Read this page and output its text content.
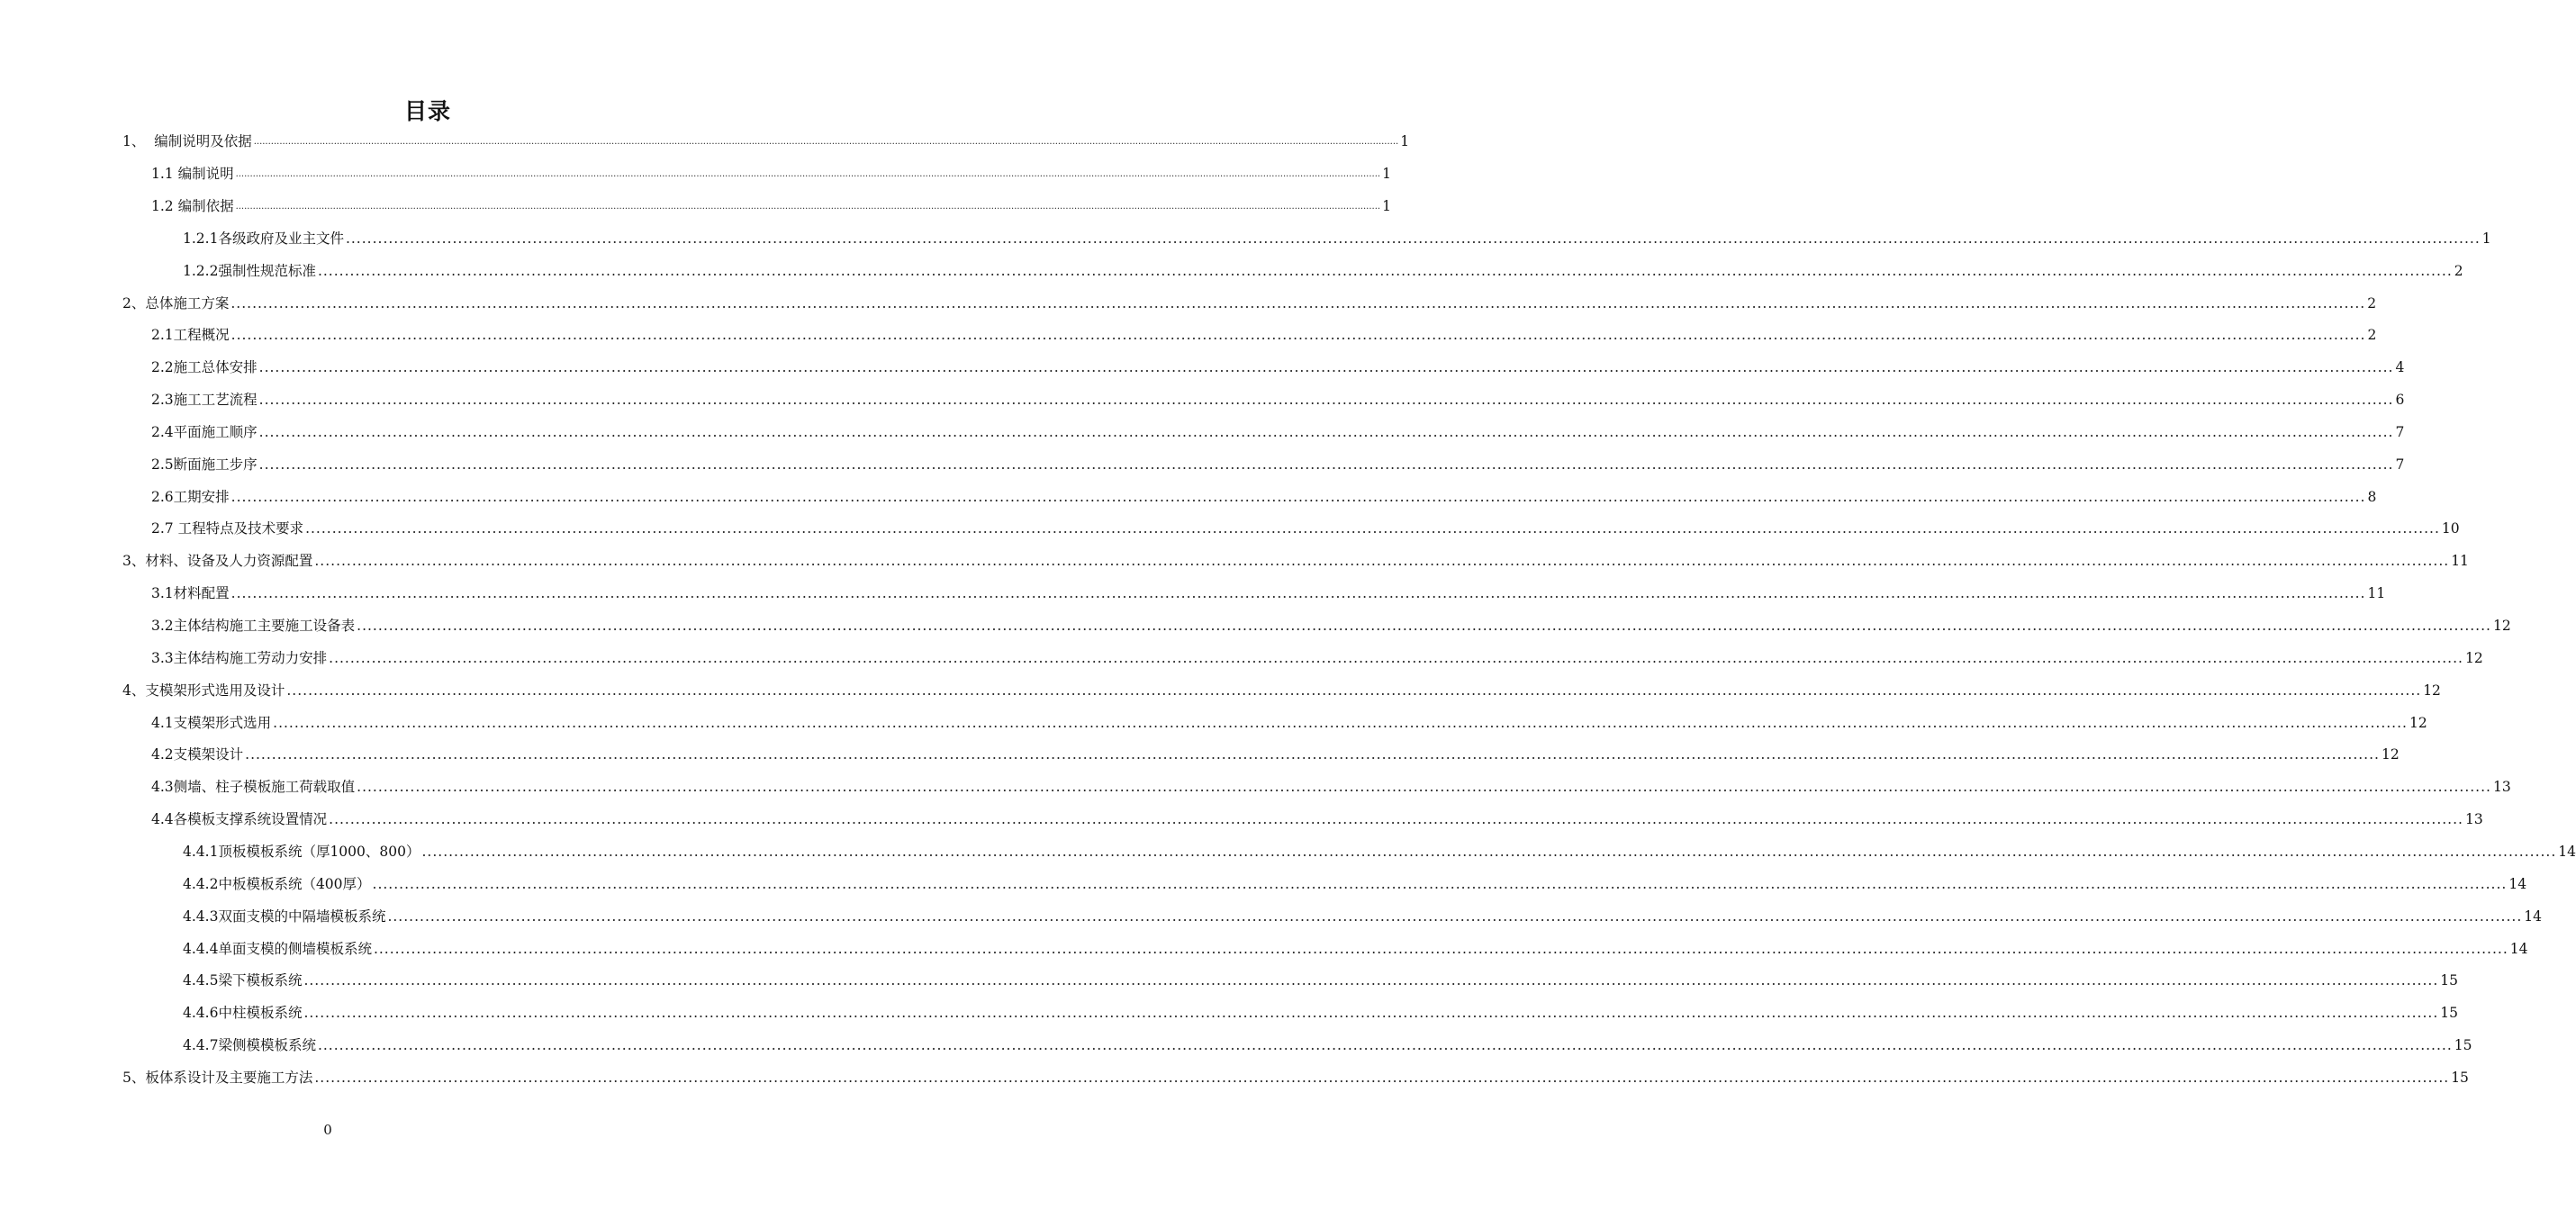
目录
1、  编制说明及依据 ................................................................................................................................................................................................................................................................................................................................................................................................................ 1
1.1 编制说明 ................................................................................................................................................................................................................................................................................................................................................................................................................ 1
1.2 编制依据 ................................................................................................................................................................................................................................................................................................................................................................................................................ 1
1.2.1各级政府及业主文件 ................................................................................................................................................................................................................................................................................................................................................................................................................ 1
1.2.2强制性规范标准 ................................................................................................................................................................................................................................................................................................................................................................................................................ 2
2、总体施工方案 ................................................................................................................................................................................................................................................................................................................................................................................................................ 2
2.1工程概况 ................................................................................................................................................................................................................................................................................................................................................................................................................ 2
2.2施工总体安排 ................................................................................................................................................................................................................................................................................................................................................................................................................ 4
2.3施工工艺流程 ................................................................................................................................................................................................................................................................................................................................................................................................................ 6
2.4平面施工顺序 ................................................................................................................................................................................................................................................................................................................................................................................................................ 7
2.5断面施工步序 ................................................................................................................................................................................................................................................................................................................................................................................................................ 7
2.6工期安排 ................................................................................................................................................................................................................................................................................................................................................................................................................ 8
2.7 工程特点及技术要求 ................................................................................................................................................................................................................................................................................................................................................................................................................ 10
3、材料、设备及人力资源配置 ................................................................................................................................................................................................................................................................................................................................................................................................................ 11
3.1材料配置 ................................................................................................................................................................................................................................................................................................................................................................................................................ 11
3.2主体结构施工主要施工设备表 ................................................................................................................................................................................................................................................................................................................................................................................................................ 12
3.3主体结构施工劳动力安排 ................................................................................................................................................................................................................................................................................................................................................................................................................ 12
4、支模架形式选用及设计 ................................................................................................................................................................................................................................................................................................................................................................................................................ 12
4.1支模架形式选用 ................................................................................................................................................................................................................................................................................................................................................................................................................ 12
4.2支模架设计 ................................................................................................................................................................................................................................................................................................................................................................................................................ 12
4.3侧墙、柱子模板施工荷载取值 ................................................................................................................................................................................................................................................................................................................................................................................................................ 13
4.4各模板支撑系统设置情况 ................................................................................................................................................................................................................................................................................................................................................................................................................ 13
4.4.1顶板模板系统（厚1000、800） ................................................................................................................................................................................................................................................................................................................................................................................................................ 14
4.4.2中板模板系统（400厚） ................................................................................................................................................................................................................................................................................................................................................................................................................ 14
4.4.3双面支模的中隔墙模板系统 ................................................................................................................................................................................................................................................................................................................................................................................................................ 14
4.4.4单面支模的侧墙模板系统 ................................................................................................................................................................................................................................................................................................................................................................................................................ 14
4.4.5梁下模板系统 ................................................................................................................................................................................................................................................................................................................................................................................................................ 15
4.4.6中柱模板系统 ................................................................................................................................................................................................................................................................................................................................................................................................................ 15
4.4.7梁侧模模板系统 ................................................................................................................................................................................................................................................................................................................................................................................................................ 15
5、板体系设计及主要施工方法 ................................................................................................................................................................................................................................................................................................................................................................................................................ 15
0
